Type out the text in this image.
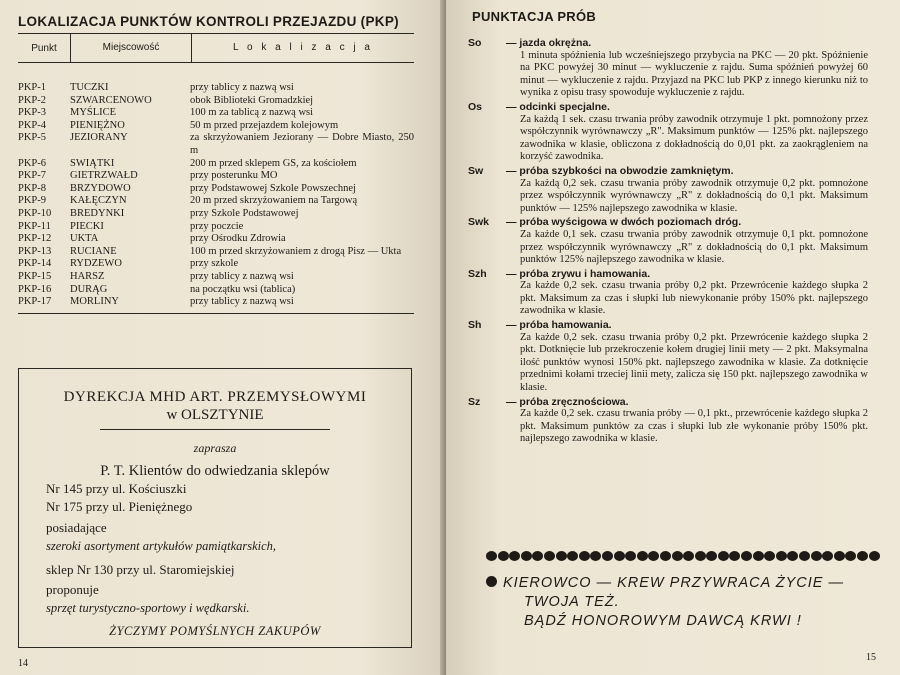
LOKALIZACJA PUNKTÓW KONTROLI PRZEJAZDU (PKP)
Punkt	Miejscowość	L o k a l i z a c j a
PKP-1	TUCZKI	przy tablicy z nazwą wsi
PKP-2	SZWARCENOWO	obok Biblioteki Gromadzkiej
PKP-3	MYŚLICE	100 m za tablicą z nazwą wsi
PKP-4	PIENIĘŻNO	50 m przed przejazdem kolejowym
PKP-5	JEZIORANY	za skrzyżowaniem Jeziorany — Dobre Miasto, 250 m
PKP-6	SWIĄTKI	200 m przed sklepem GS, za kościołem
PKP-7	GIETRZWAŁD	przy posterunku MO
PKP-8	BRZYDOWO	przy Podstawowej Szkole Powszechnej
PKP-9	KAŁĘCZYN	20 m przed skrzyżowaniem na Targową
PKP-10	BREDYNKI	przy Szkole Podstawowej
PKP-11	PIECKI	przy poczcie
PKP-12	UKTA	przy Ośrodku Zdrowia
PKP-13	RUCIANE	100 m przed skrzyżowaniem z drogą Pisz — Ukta
PKP-14	RYDZEWO	przy szkole
PKP-15	HARSZ	przy tablicy z nazwą wsi
PKP-16	DURĄG	na początku wsi (tablica)
PKP-17	MORLINY	przy tablicy z nazwą wsi
DYREKCJA MHD ART. PRZEMYSŁOWYMI
w OLSZTYNIE
zaprasza
P. T. Klientów do odwiedzania sklepów
Nr 145 przy ul. Kościuszki
Nr 175 przy ul. Pieniężnego
posiadające
szeroki asortyment artykułów pamiątkarskich,
sklep Nr 130 przy ul. Staromiejskiej
proponuje
sprzęt turystyczno-sportowy i wędkarski.
ŻYCZYMY POMYŚLNYCH ZAKUPÓW
14
PUNKTACJA PRÓB
So	— jazda okrężna.
1 minuta spóźnienia lub wcześniejszego przybycia na PKC — 20 pkt. Spóźnienie na PKC powyżej 30 minut — wykluczenie z rajdu. Suma spóźnień powyżej 60 minut — wykluczenie z rajdu. Przyjazd na PKC lub PKP z innego kierunku niż to wynika z opisu trasy spowoduje wykluczenie z rajdu.
Os	— odcinki specjalne.
Za każdą 1 sek. czasu trwania próby zawodnik otrzymuje 1 pkt. pomnożony przez współczynnik wyrównawczy „R". Maksimum punktów — 125% pkt. najlepszego zawodnika w klasie, obliczona z dokładnością do 0,01 pkt. za zaokrągleniem na korzyść zawodnika.
Sw	— próba szybkości na obwodzie zamkniętym.
Za każdą 0,2 sek. czasu trwania próby zawodnik otrzymuje 0,2 pkt. pomnożone przez współczynnik wyrównawczy „R" z dokładnością do 0,1 pkt. Maksimum punktów — 125% najlepszego zawodnika w klasie.
Swk	— próba wyścigowa w dwóch poziomach dróg.
Za każde 0,1 sek. czasu trwania próby zawodnik otrzymuje 0,1 pkt. pomnożone przez współczynnik wyrównawczy „R" z dokładnością do 0,1 pkt. Maksimum punktów 125% najlepszego zawodnika w klasie.
Szh	— próba zrywu i hamowania.
Za każde 0,2 sek. czasu trwania próby 0,2 pkt. Przewrócenie każdego słupka 2 pkt. Maksimum za czas i słupki lub niewykonanie próby 150% pkt. najlepszego zawodnika w klasie.
Sh	— próba hamowania.
Za każde 0,2 sek. czasu trwania próby 0,2 pkt. Przewrócenie każdego słupka 2 pkt. Dotknięcie lub przekroczenie kołem drugiej linii mety — 2 pkt. Maksymalna ilość punktów wynosi 150% pkt. najlepszego zawodnika w klasie. Za dotknięcie przednimi kołami trzeciej linii mety, zalicza się 150 pkt. najlepszego zawodnika w klasie.
Sz	— próba zręcznościowa.
Za każde 0,2 sek. czasu trwania próby — 0,1 pkt., przewrócenie każdego słupka 2 pkt. Maksimum punktów za czas i słupki lub złe wykonanie próby 150% pkt. najlepszego zawodnika w klasie.
KIEROWCO — KREW PRZYWRACA ŻYCIE —
TWOJA TEŻ.
BĄDŹ HONOROWYM DAWCĄ KRWI !
15
